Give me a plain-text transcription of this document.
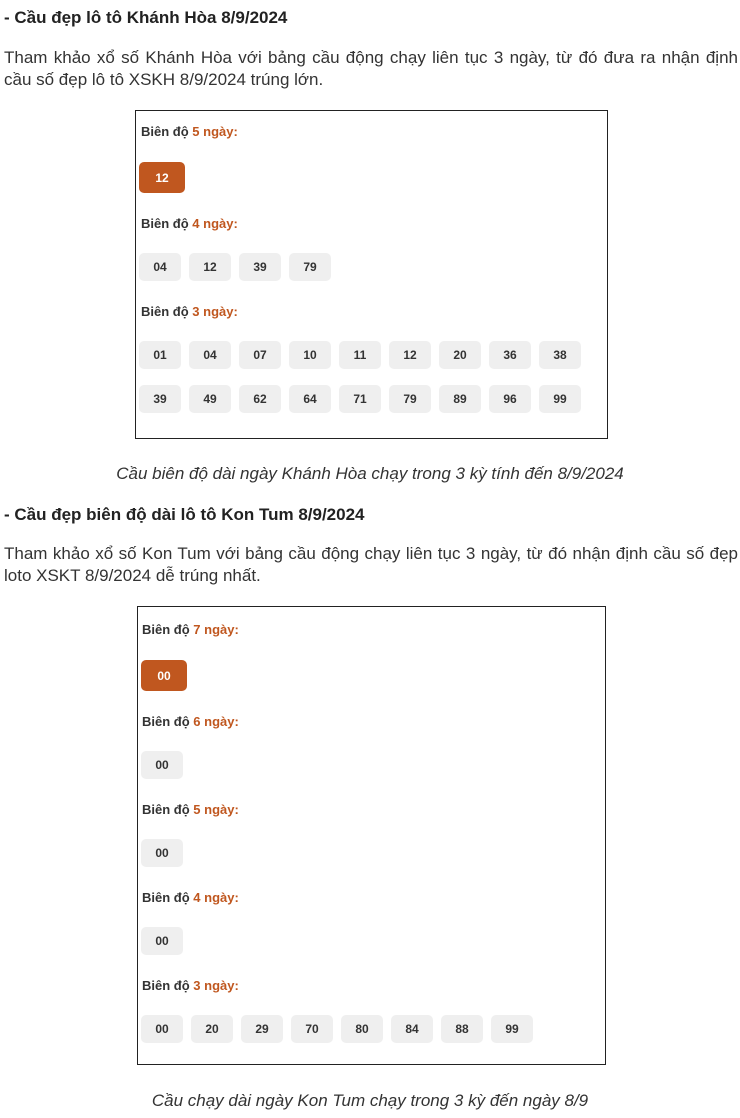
- Cầu đẹp lô tô Khánh Hòa 8/9/2024
Tham khảo xổ số Khánh Hòa với bảng cầu động chạy liên tục 3 ngày, từ đó đưa ra nhận định cầu số đẹp lô tô XSKH 8/9/2024 trúng lớn.
Biên độ 5 ngày:
12
Biên độ 4 ngày:
04	12	39	79
Biên độ 3 ngày:
01	04	07	10	11	12	20	36	38
39	49	62	64	71	79	89	96	99
Cầu biên độ dài ngày Khánh Hòa chạy trong 3 kỳ tính đến 8/9/2024
- Cầu đẹp biên độ dài lô tô Kon Tum 8/9/2024
Tham khảo xổ số Kon Tum với bảng cầu động chạy liên tục 3 ngày, từ đó nhận định cầu số đẹp loto XSKT 8/9/2024 dễ trúng nhất.
Biên độ 7 ngày:
00
Biên độ 6 ngày:
00
Biên độ 5 ngày:
00
Biên độ 4 ngày:
00
Biên độ 3 ngày:
00	20	29	70	80	84	88	99
Cầu chạy dài ngày Kon Tum chạy trong 3 kỳ đến ngày 8/9
